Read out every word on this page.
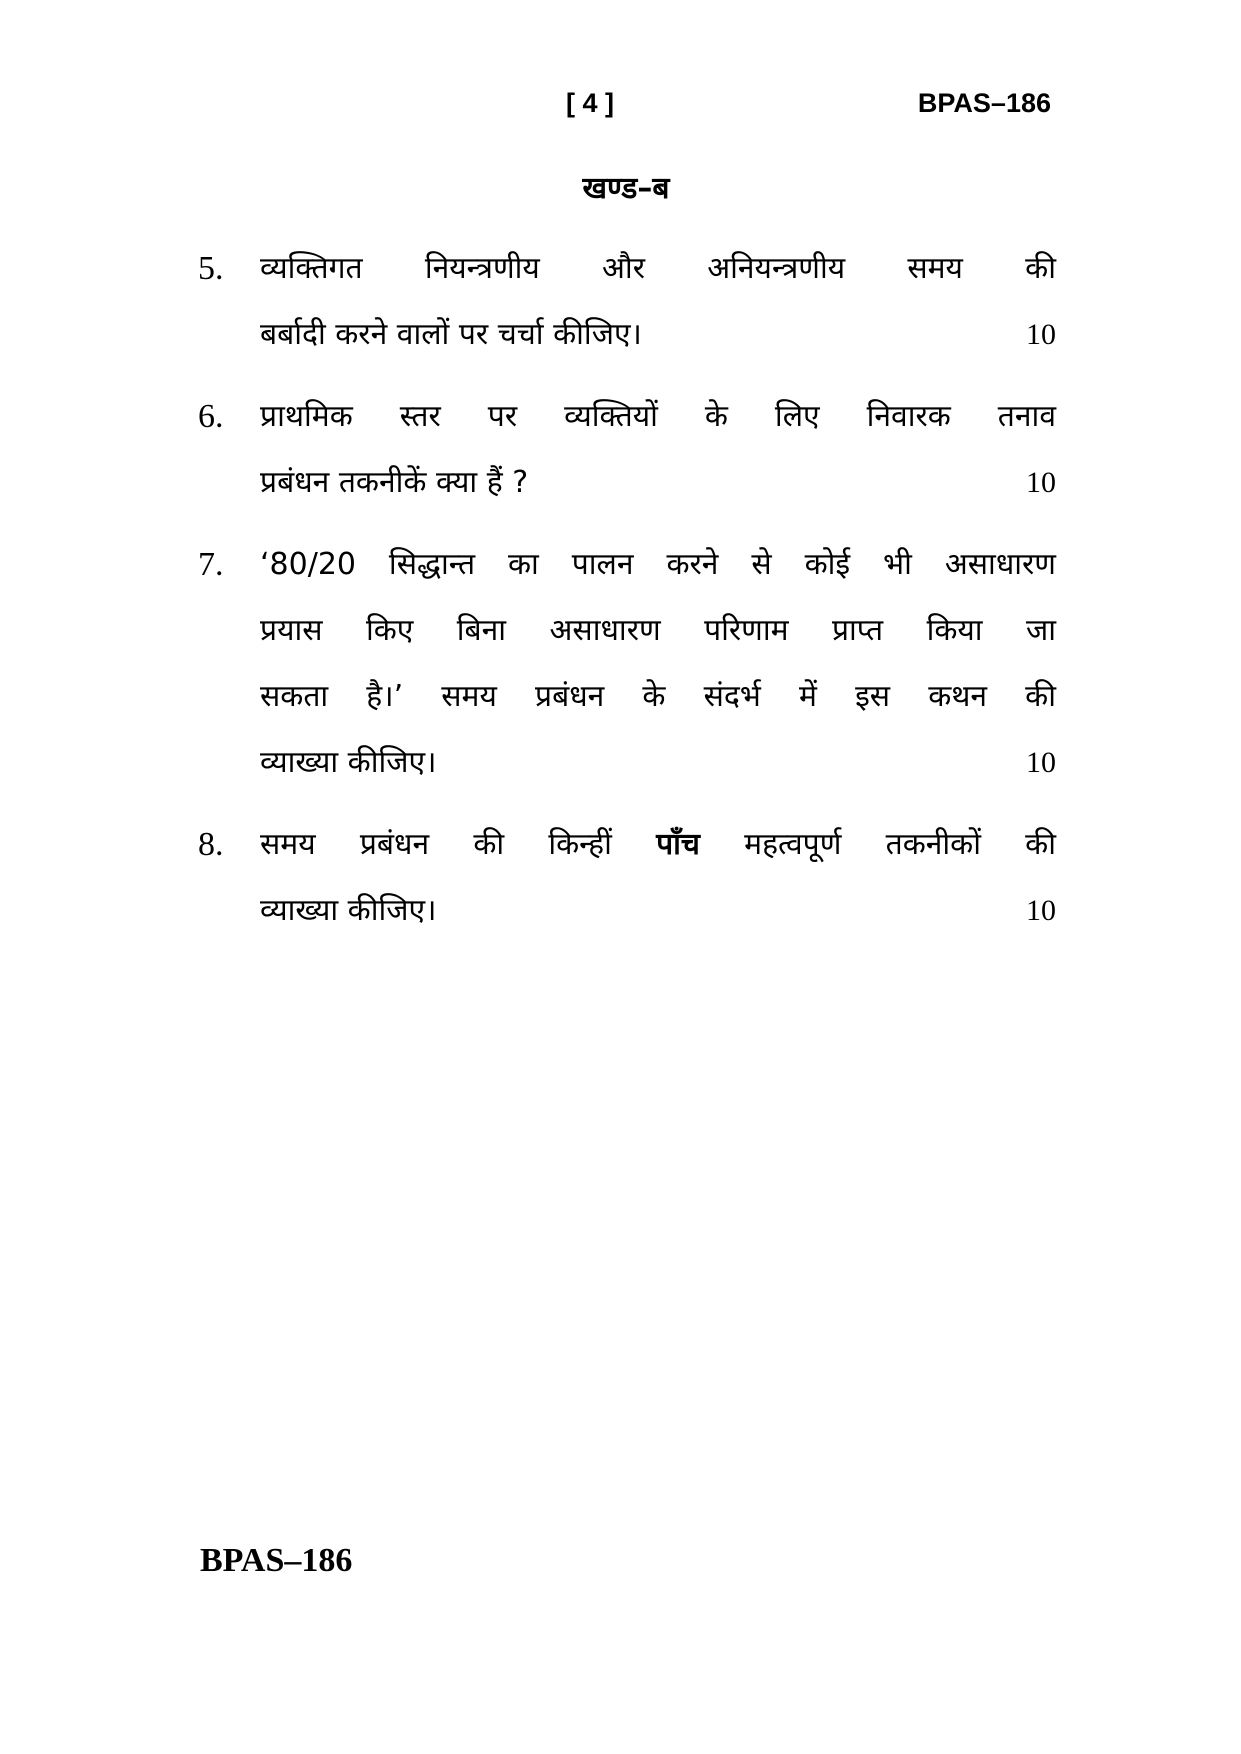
[ 4 ]	BPAS–186
खण्ड–ब
5.	व्यक्तिगत नियन्त्रणीय और अनियन्त्रणीय समय की
बर्बादी करने वालों पर चर्चा कीजिए।	10
6.	प्राथमिक स्तर पर व्यक्तियों के लिए निवारक तनाव
प्रबंधन तकनीकें क्या हैं ?	10
7.	‘80/20 सिद्धान्त का पालन करने से कोई भी असाधारण
प्रयास किए बिना असाधारण परिणाम प्राप्त किया जा
सकता है।’ समय प्रबंधन के संदर्भ में इस कथन की
व्याख्या कीजिए।	10
8.	समय प्रबंधन की किन्हीं पाँच महत्वपूर्ण तकनीकों की
व्याख्या कीजिए।	10
BPAS–186
